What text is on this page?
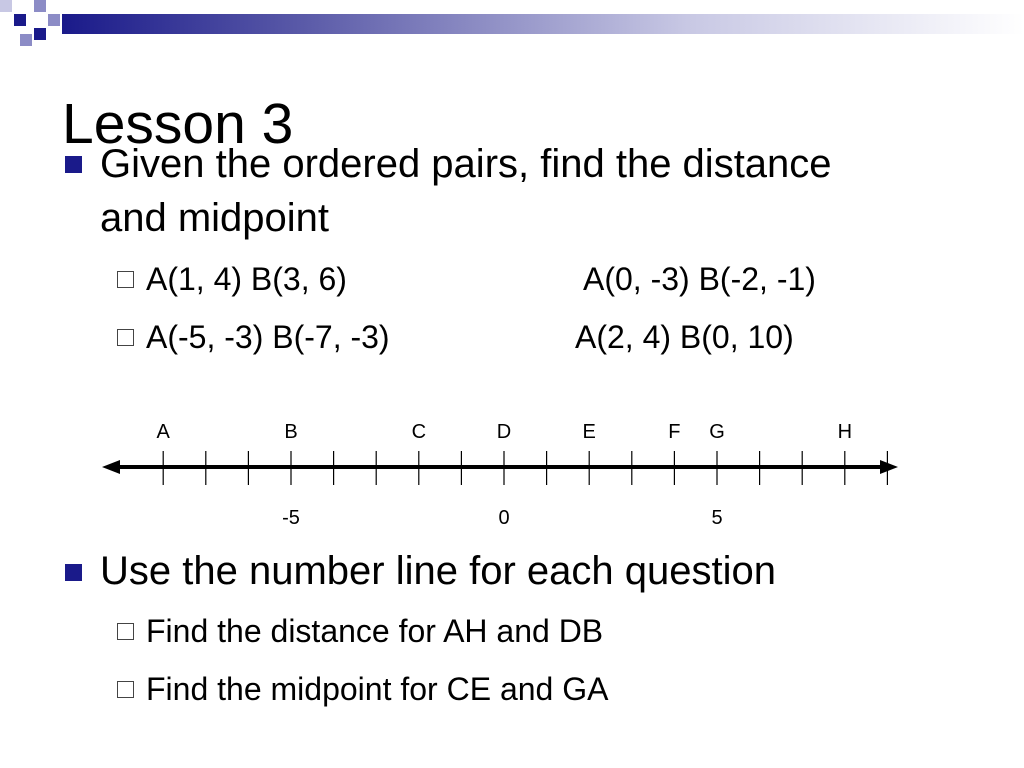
Lesson 3
Given the ordered pairs, find the distance
and midpoint
A(1, 4) B(3, 6)	A(0, -3) B(-2, -1)
A(-5, -3) B(-7, -3)	A(2, 4) B(0, 10)
-5	0	5
A	B	C	D	E	F G	H
Use the number line for each question
Find the distance for AH and DB
Find the midpoint for CE and GA
